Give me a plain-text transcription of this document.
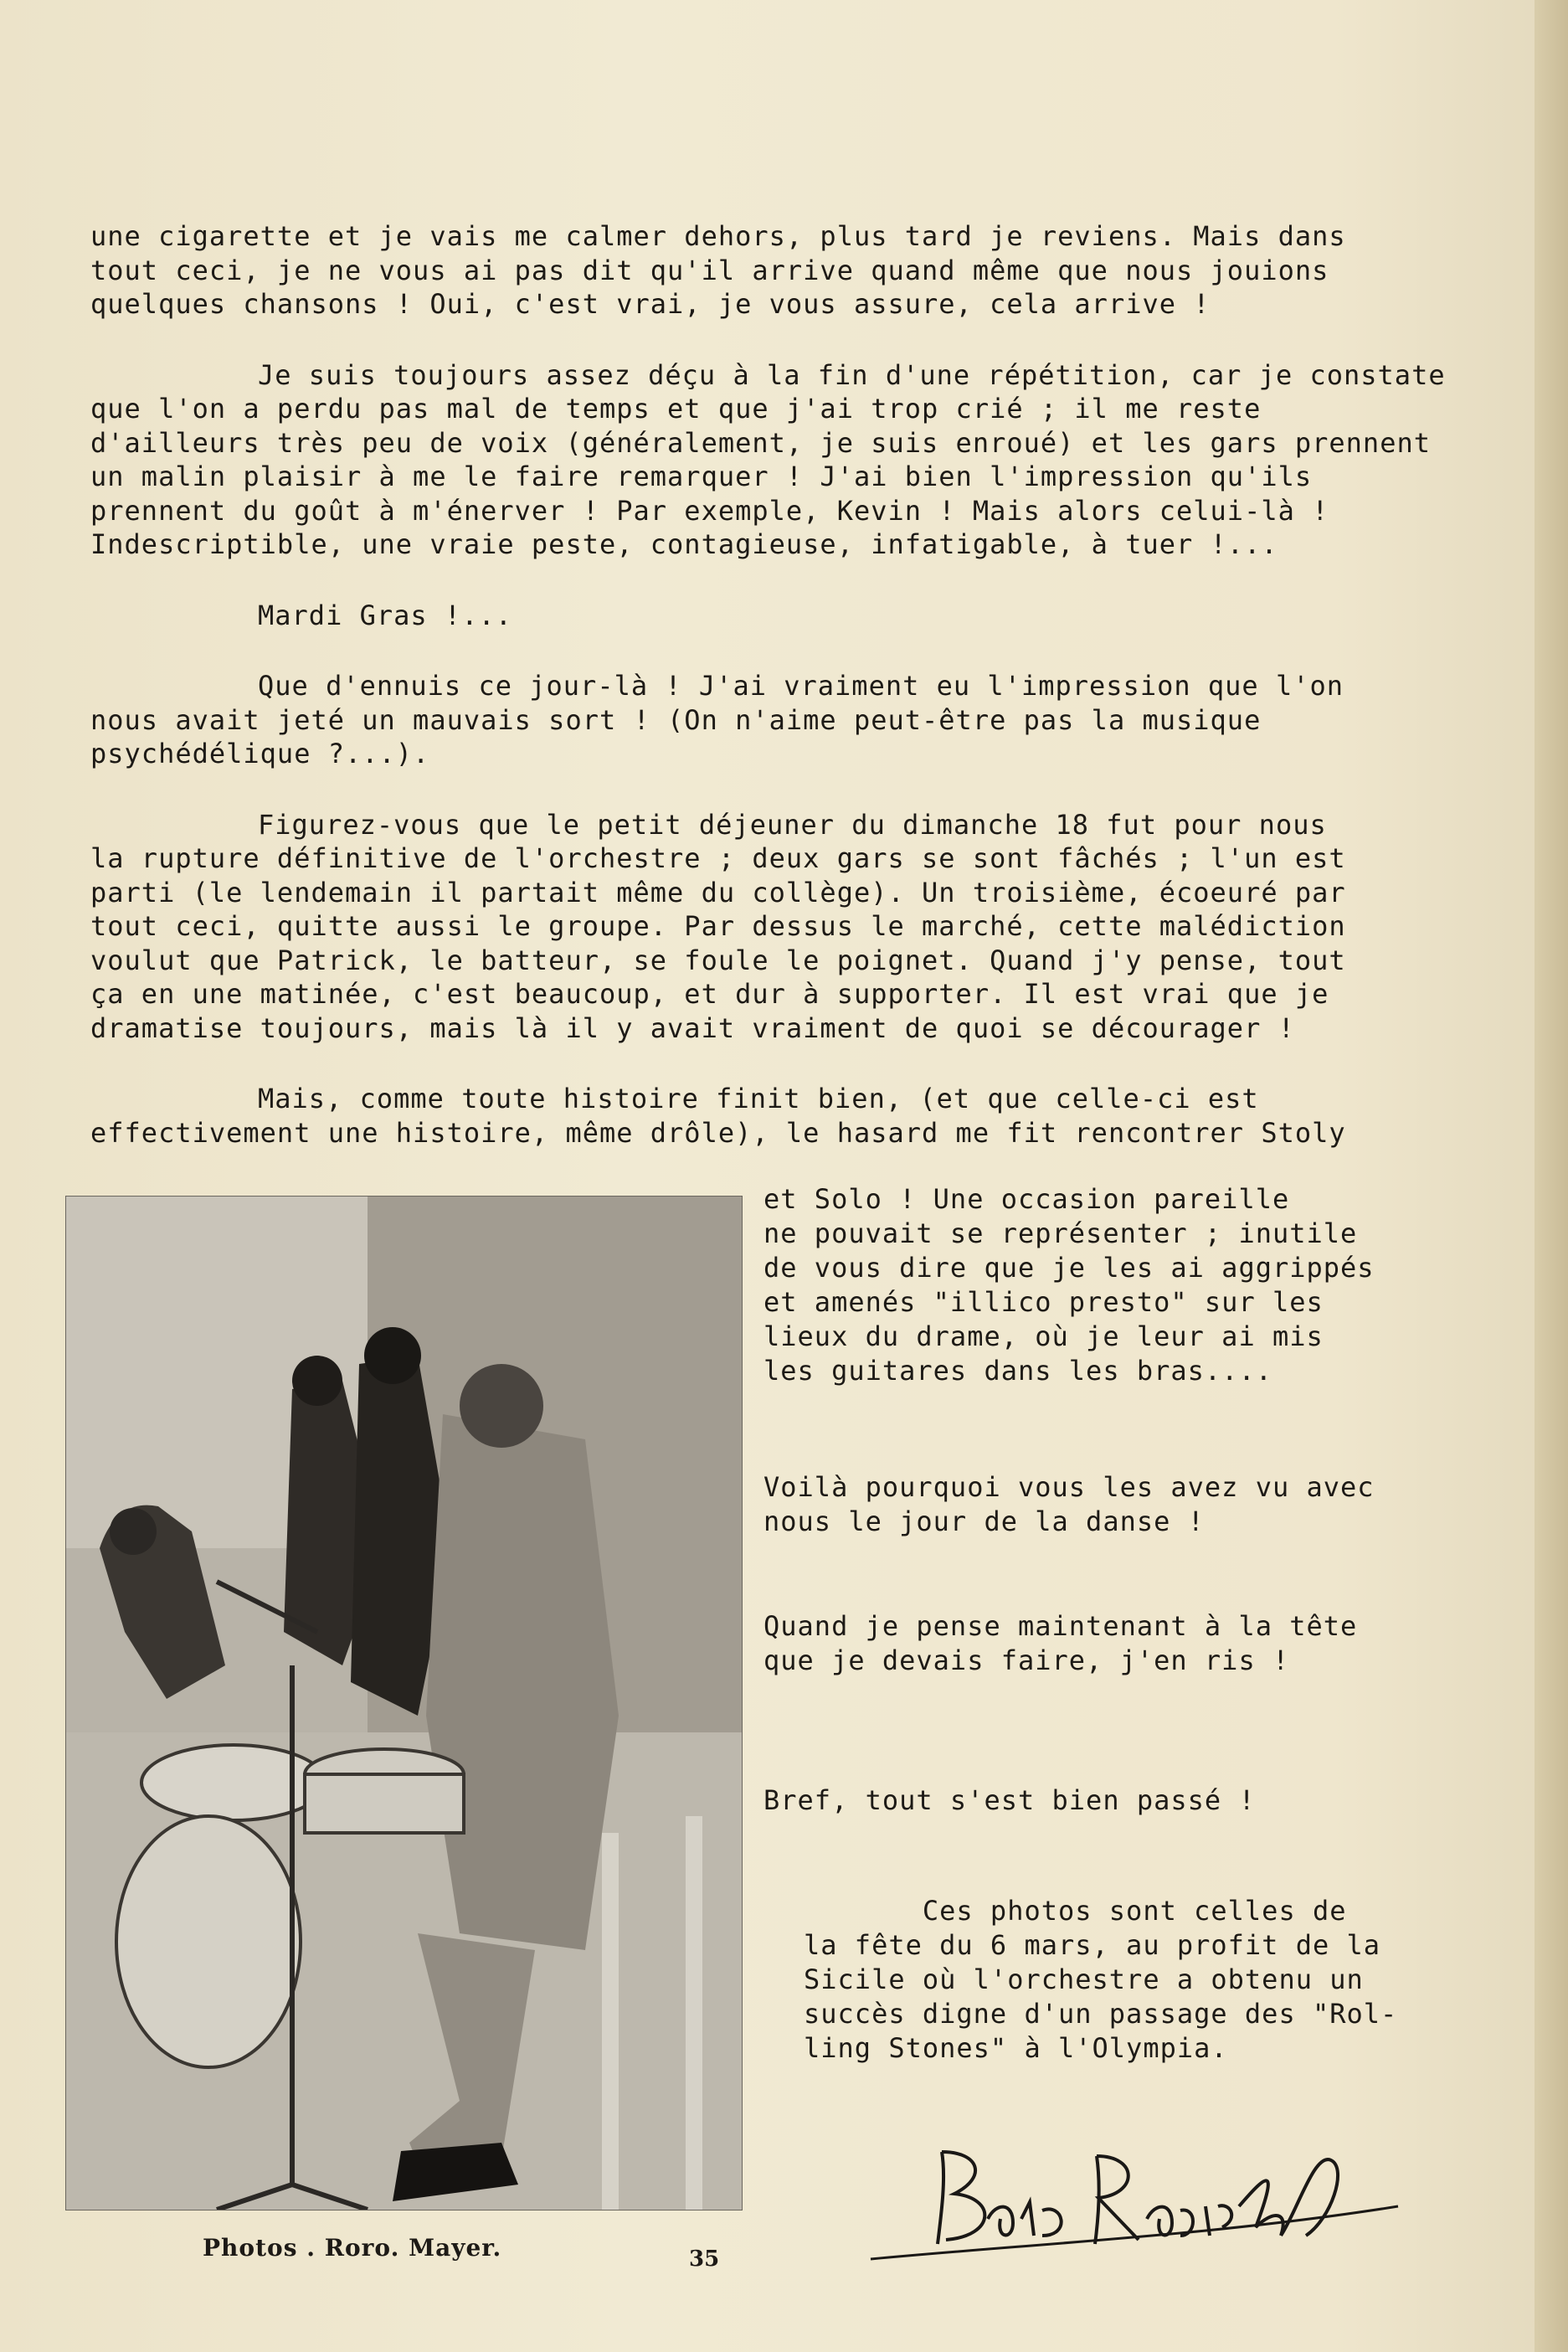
une cigarette et je vais me calmer dehors, plus tard je reviens. Mais dans
tout ceci, je ne vous ai pas dit qu'il arrive quand même que nous jouions
quelques chansons ! Oui, c'est vrai, je vous assure, cela arrive !
Je suis toujours assez déçu à la fin d'une répétition, car je constate
que l'on a perdu pas mal de temps et que j'ai trop crié ; il me reste
d'ailleurs très peu de voix (généralement, je suis enroué) et les gars prennent
un malin plaisir à me le faire remarquer ! J'ai bien l'impression qu'ils
prennent du goût à m'énerver ! Par exemple, Kevin ! Mais alors celui-là !
Indescriptible, une vraie peste, contagieuse, infatigable, à tuer !...
Mardi Gras !...
Que d'ennuis ce jour-là ! J'ai vraiment eu l'impression que l'on
nous avait jeté un mauvais sort ! (On n'aime peut-être pas la musique
psychédélique ?...).
Figurez-vous que le petit déjeuner du dimanche 18 fut pour nous
la rupture définitive de l'orchestre ; deux gars se sont fâchés ; l'un est
parti (le lendemain il partait même du collège). Un troisième, écoeuré par
tout ceci, quitte aussi le groupe. Par dessus le marché, cette malédiction
voulut que Patrick, le batteur, se foule le poignet. Quand j'y pense, tout
ça en une matinée, c'est beaucoup, et dur à supporter. Il est vrai que je
dramatise toujours, mais là il y avait vraiment de quoi se décourager !
Mais, comme toute histoire finit bien, (et que celle-ci est
effectivement une histoire, même drôle), le hasard me fit rencontrer Stoly
et Solo ! Une occasion pareille
ne pouvait se représenter ; inutile
de vous dire que je les ai aggrippés
et amenés "illico presto" sur les
lieux du drame, où je leur ai mis
les guitares dans les bras....
Voilà pourquoi vous les avez vu avec
nous le jour de la danse !
Quand je pense maintenant à la tête
que je devais faire, j'en ris !
Bref, tout s'est bien passé !
Ces photos sont celles de
la fête du 6 mars, au profit de la
Sicile où l'orchestre a obtenu un
succès digne d'un passage des "Rol-
ling Stones" à l'Olympia.
Photos . Roro. Mayer.	35
